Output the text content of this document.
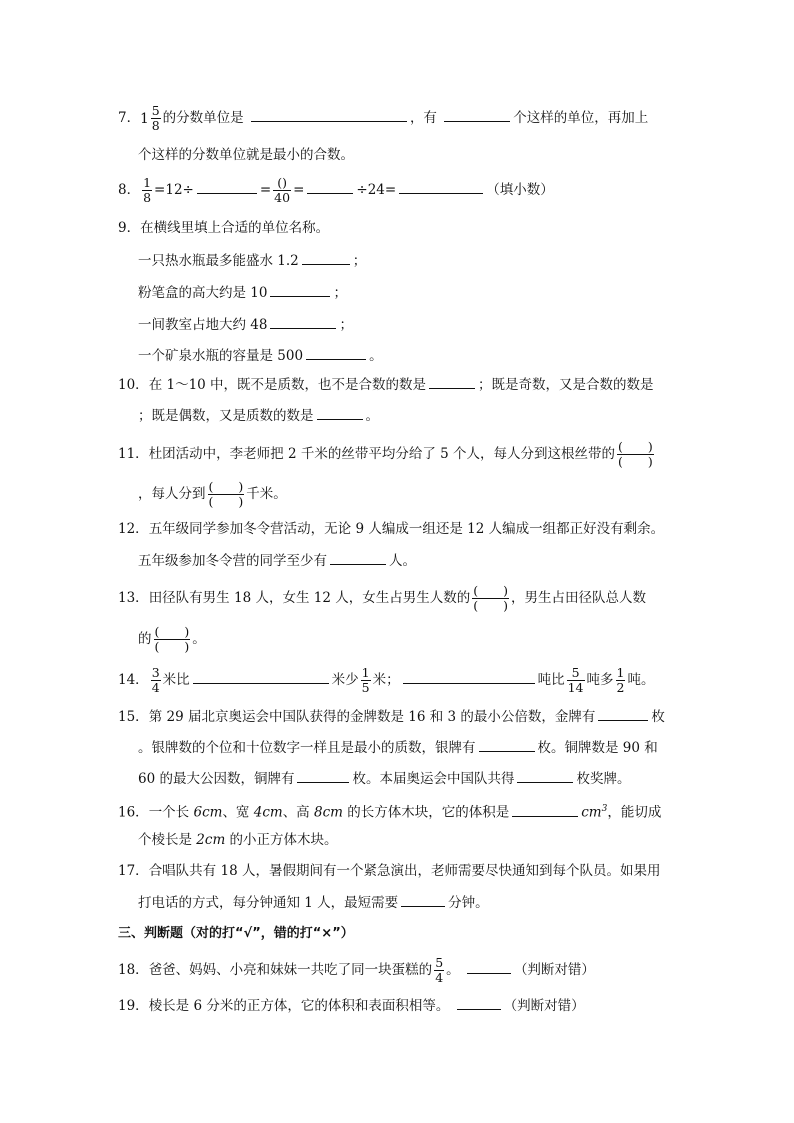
7．$1 \frac{5}{8}$ 的分数单位是	，有	个这样的单位，再加上
个这样的分数单位就是最小的合数。
8． $\frac{1}{8} =12\div$	= $\frac{()}{40}$ =	÷24=	（填小数）
9．在横线里填上合适的单位名称。
一只热水瓶最多能盛水 1.2	；
粉笔盒的高大约是 10	；
一间教室占地大约 48	；
一个矿泉水瓶的容量是 500	。
10．在 1～10 中，既不是质数，也不是合数的数是	；既是奇数，又是合数的数是
；既是偶数，又是质数的数是	。
11．杜团活动中，李老师把 2 千米的丝带平均分给了 5 个人，每人分到这根丝带的 $\frac{( )}{( )}$
，每人分到 $\frac{( )}{( )}$ 千米。
12．五年级同学参加冬令营活动，无论 9 人编成一组还是 12 人编成一组都正好没有剩余。
五年级参加冬令营的同学至少有	人。
13．田径队有男生 18 人，女生 12 人，女生占男生人数的 $\frac{( )}{( )}$ ，男生占田径队总人数
的 $\frac{( )}{( )}$ 。
14． $\frac{3}{4}$ 米比	米少 $\frac{1}{5}$ 米；	吨比 $\frac{5}{14}$ 吨多 $\frac{1}{2}$ 吨。
15．第 29 届北京奥运会中国队获得的金牌数是 16 和 3 的最小公倍数，金牌有	枚
。银牌数的个位和十位数字一样且是最小的质数，银牌有	枚。铜牌数是 90 和
60 的最大公因数，铜牌有	枚。本届奥运会中国队共得	枚奖牌。
16．一个长 6cm、宽 4cm、高 8cm 的长方体木块，它的体积是	$cm^3$，能切成
个棱长是 2cm 的小正方体木块。
17．合唱队共有 18 人，暑假期间有一个紧急演出，老师需要尽快通知到每个队员。如果用
打电话的方式，每分钟通知 1 人，最短需要	分钟。
三、判断题（对的打“√”，错的打“×”）
18．爸爸、妈妈、小亮和妹妹一共吃了同一块蛋糕的 $\frac{5}{4}$ 。	（判断对错）
19．棱长是 6 分米的正方体，它的体积和表面积相等。	（判断对错）
